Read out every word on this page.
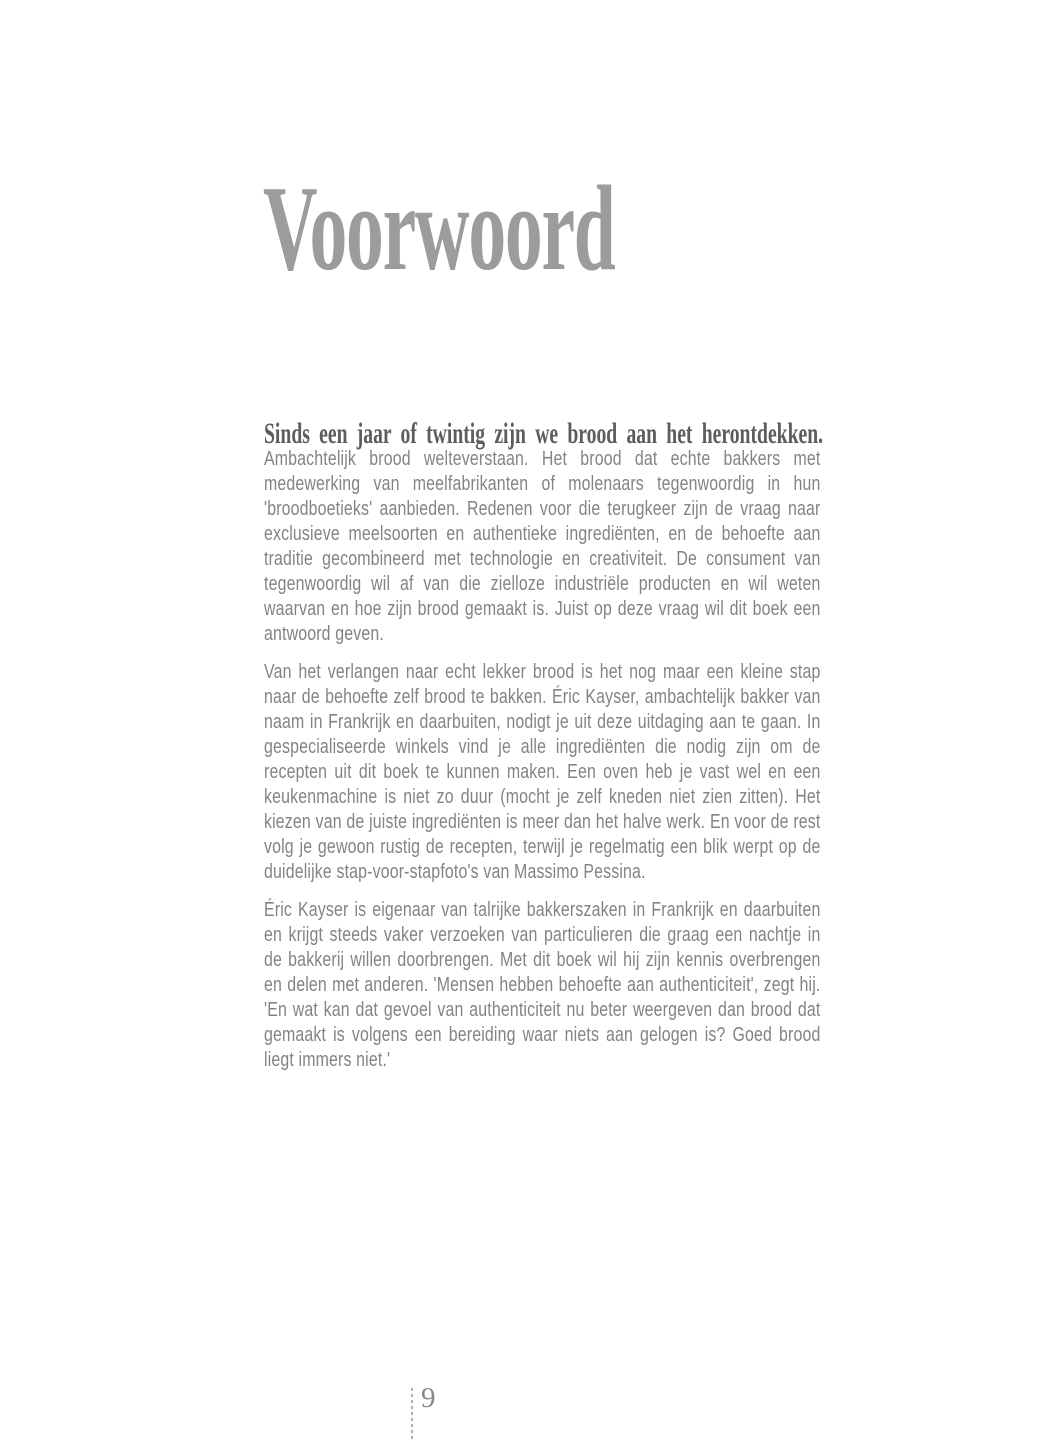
Voorwoord
Sinds een jaar of twintig zijn we brood aan het herontdekken.

Ambachtelijk brood welteverstaan. Het brood dat echte bakkers met medewerking van meelfabrikanten of molenaars tegenwoordig in hun 'broodboetieks' aanbieden. Redenen voor die terugkeer zijn de vraag naar exclusieve meelsoorten en authentieke ingrediënten, en de behoefte aan traditie gecombineerd met technologie en creativiteit. De consument van tegenwoordig wil af van die zielloze industriële producten en wil weten waarvan en hoe zijn brood gemaakt is. Juist op deze vraag wil dit boek een antwoord geven.

Van het verlangen naar echt lekker brood is het nog maar een kleine stap naar de behoefte zelf brood te bakken. Éric Kayser, ambachtelijk bakker van naam in Frankrijk en daarbuiten, nodigt je uit deze uitdaging aan te gaan. In gespecialiseerde winkels vind je alle ingrediënten die nodig zijn om de recepten uit dit boek te kunnen maken. Een oven heb je vast wel en een keukenmachine is niet zo duur (mocht je zelf kneden niet zien zitten). Het kiezen van de juiste ingrediënten is meer dan het halve werk. En voor de rest volg je gewoon rustig de recepten, terwijl je regelmatig een blik werpt op de duidelijke stap-voor-stapfoto's van Massimo Pessina.

Éric Kayser is eigenaar van talrijke bakkerszaken in Frankrijk en daarbuiten en krijgt steeds vaker verzoeken van particulieren die graag een nachtje in de bakkerij willen doorbrengen. Met dit boek wil hij zijn kennis overbrengen en delen met anderen. 'Mensen hebben behoefte aan authenticiteit', zegt hij. 'En wat kan dat gevoel van authenticiteit nu beter weergeven dan brood dat gemaakt is volgens een bereiding waar niets aan gelogen is? Goed brood liegt immers niet.'

9
